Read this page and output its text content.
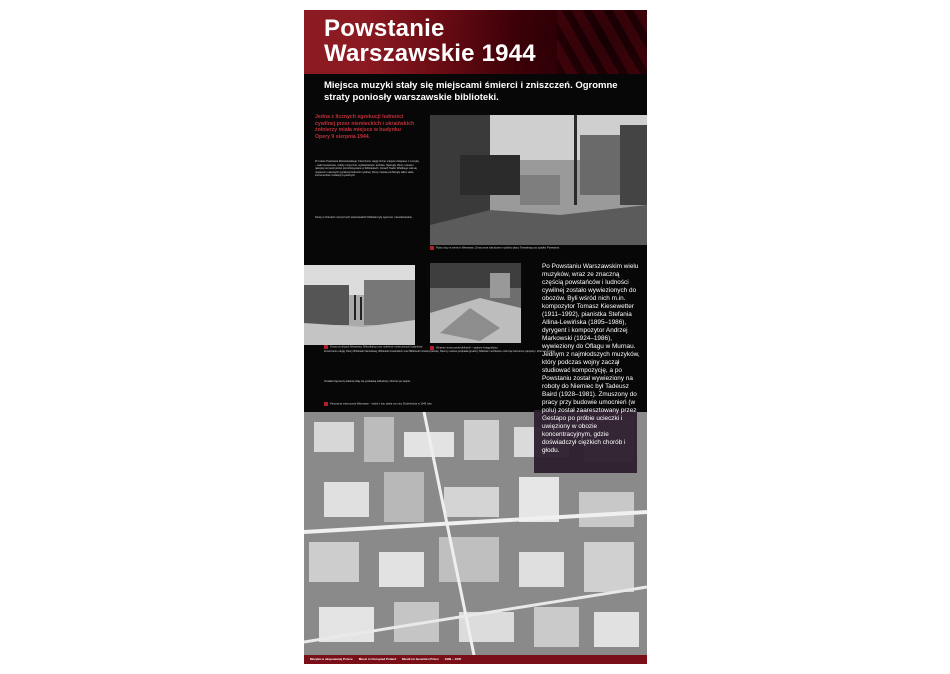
Powstanie
Warszawskie 1944
Miejsca muzyki stały się miejscami śmierci i zniszczeń. Ogromne straty poniosły warszawskie biblioteki.
Jedna z licznych egzekucji ludności cywilnej przez niemieckich i ukraińskich żołnierzy miała miejsce w budynku Opery 9 sierpnia 1944.
W czasie Powstania Warszawskiego zniszczeniu uległy liczne miejsca związane z muzyką – sale koncertowe, szkoły muzyczne, wydawnictwa i archiwa. Spłonęły zbiory nutowe i rękopisy kompozytorów przechowywane w bibliotekach. Gmach Teatru Wielkiego stał się miejscem masowych egzekucji ludności cywilnej. Ruiny miasta pochłonęły także wiele instrumentów i kolekcji prywatnych.
Straty w zbiorach muzycznych warszawskich bibliotek były ogromne i nieodwracalne.
Ruiny ulicy w centrum Warszawy. Zniszczona zabudowa w pobliżu placu Teatralnego po upadku Powstania.
Gruzy na ulicach Warszawy. Mieszkańcy przy rozbiórce zniszczonych budynków.	Wnętrze zniszczonej biblioteki – spalone księgozbiory.
Zniszczeniu uległy zbiory Biblioteki Narodowej, Biblioteki Krasińskich oraz Biblioteki Uniwersyteckiej. Niemcy celowo podpalali gmachy bibliotek i archiwów, niszcząc bezcenne rękopisy i druki muzyczne.
Ocalałe fragmenty kolekcji stały się podstawą odbudowy zbiorów po wojnie.
Panorama zniszczonej Warszawy – widok z lotu ptaka na ruiny Śródmieścia w 1945 roku.
Po Powstaniu Warszawskim wielu muzyków, wraz ze znaczną częścią powstańców i ludności cywilnej zostało wywiezionych do obozów. Byli wśród nich m.in. kompozytor Tomasz Kiesewetter (1911–1992), pianistka Stefania Allina-Lewińska (1895–1986), dyrygent i kompozytor Andrzej Markowski (1924–1986), wywieziony do Oflagu w Murnau. Jednym z najmłodszych muzyków, który podczas wojny zaczął studiować kompozycję, a po Powstaniu został wywieziony na roboty do Niemiec był Tadeusz Baird (1928–1981). Zmuszony do pracy przy budowie umocnień (w polu) został zaaresztowany przez Gestapo po próbie ucieczki i uwięziony w obozie koncentracyjnym, gdzie doświadczył ciężkich chorób i głodu.
Muzyka w okupowanej Polsce Music in Occupied Poland Musik im besetzten Polen 1939 – 1945
